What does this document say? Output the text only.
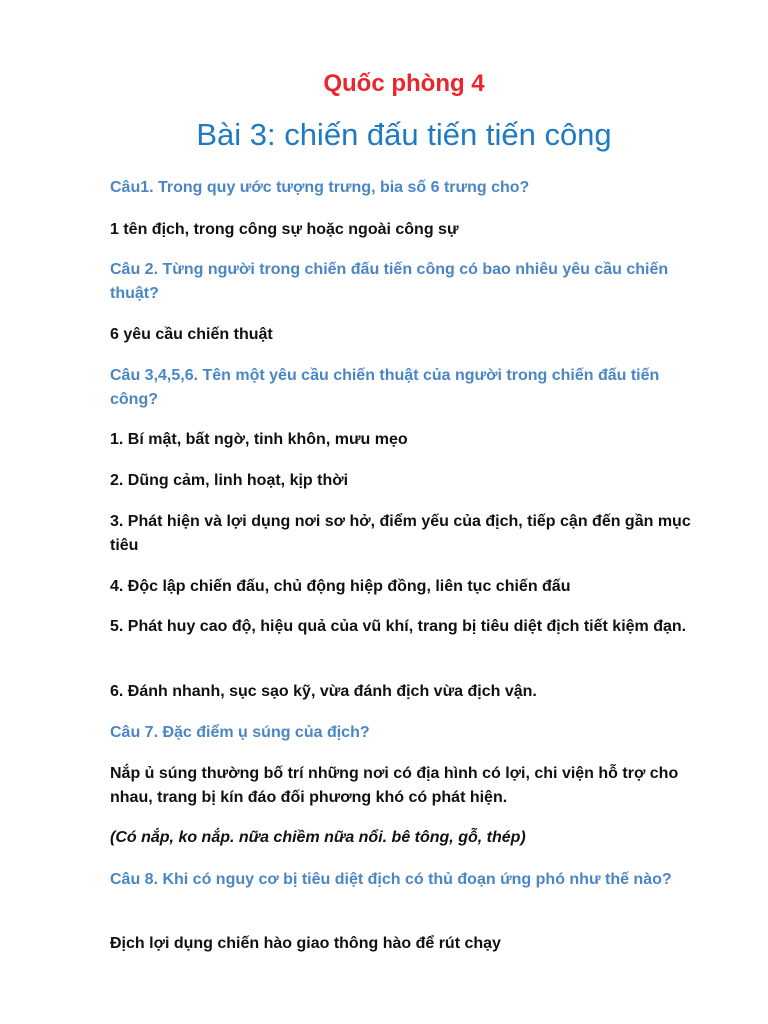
Quốc phòng 4
Bài 3: chiến đấu tiến tiến công

Câu1. Trong quy ước tượng trưng, bia số 6 trưng cho?

1 tên địch, trong công sự hoặc ngoài công sự

Câu 2. Từng người trong chiến đấu tiến công có bao nhiêu yêu cầu chiến thuật?

6 yêu cầu chiến thuật

Câu 3,4,5,6. Tên một yêu cầu chiến thuật của người trong chiến đấu tiến công?

1. Bí mật, bất ngờ, tinh khôn, mưu mẹo

2. Dũng cảm, linh hoạt, kịp thời

3. Phát hiện và lợi dụng nơi sơ hở, điểm yếu của địch, tiếp cận đến gần mục tiêu

4. Độc lập chiến đấu, chủ động hiệp đồng, liên tục chiến đấu

5. Phát huy cao độ, hiệu quả của vũ khí, trang bị tiêu diệt địch tiết kiệm đạn.

6. Đánh nhanh, sục sạo kỹ, vừa đánh địch vừa địch vận.

Câu 7. Đặc điểm ụ súng của địch?

Nắp ủ súng thường bố trí những nơi có địa hình có lợi, chi viện hỗ trợ cho nhau, trang bị kín đáo đối phương khó có phát hiện.

(Có nắp, ko nắp. nữa chiềm nữa nổi. bê tông, gỗ, thép)

Câu 8. Khi có nguy cơ bị tiêu diệt địch có thủ đoạn ứng phó như thế nào?

Địch lợi dụng chiến hào giao thông hào để rút chạy
